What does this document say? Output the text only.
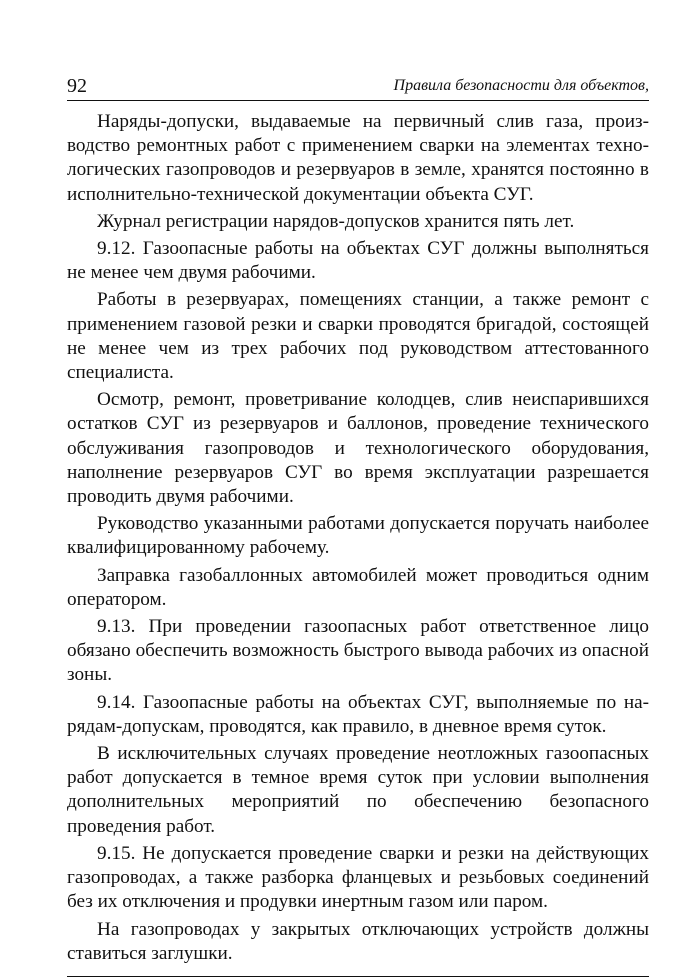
92	Правила безопасности для объектов,

Наряды-допуски, выдаваемые на первичный слив газа, производство ремонтных работ с применением сварки на элементах технологических газопроводов и резервуаров в земле, хранятся постоянно в исполнительно-технической документации объекта СУГ.

Журнал регистрации нарядов-допусков хранится пять лет.

9.12. Газоопасные работы на объектах СУГ должны выполняться не менее чем двумя рабочими.

Работы в резервуарах, помещениях станции, а также ремонт с применением газовой резки и сварки проводятся бригадой, состоящей не менее чем из трех рабочих под руководством аттестованного специалиста.

Осмотр, ремонт, проветривание колодцев, слив неиспарившихся остатков СУГ из резервуаров и баллонов, проведение технического обслуживания газопроводов и технологического оборудования, наполнение резервуаров СУГ во время эксплуатации разрешается проводить двумя рабочими.

Руководство указанными работами допускается поручать наиболее квалифицированному рабочему.

Заправка газобаллонных автомобилей может проводиться одним оператором.

9.13. При проведении газоопасных работ ответственное лицо обязано обеспечить возможность быстрого вывода рабочих из опасной зоны.

9.14. Газоопасные работы на объектах СУГ, выполняемые по нарядам-допускам, проводятся, как правило, в дневное время суток.

В исключительных случаях проведение неотложных газоопасных работ допускается в темное время суток при условии выполнения дополнительных мероприятий по обеспечению безопасного проведения работ.

9.15. Не допускается проведение сварки и резки на действующих газопроводах, а также разборка фланцевых и резьбовых соединений без их отключения и продувки инертным газом или паром.

На газопроводах у закрытых отключающих устройств должны ставиться заглушки.
